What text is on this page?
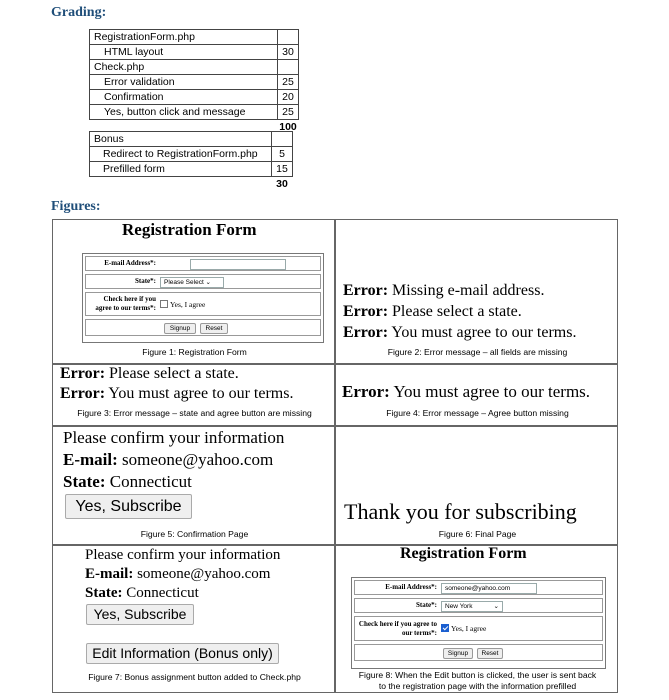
Grading:
RegistrationForm.php	
HTML layout	30
Check.php	
Error validation	25
Confirmation	20
Yes, button click and message	25
	100
Bonus	
Redirect to RegistrationForm.php	5
Prefilled form	15
	30
Figures:
Registration Form
E-mail Address*:
State*:	Please Select ⌄
Check here if you agree to our terms*:	Yes, I agree
Signup	Reset
Figure 1: Registration Form
Error: Missing e-mail address.
Error: Please select a state.
Error: You must agree to our terms.
Figure 2: Error message – all fields are missing
Error: Please select a state.
Error: You must agree to our terms.
Figure 3: Error message – state and agree button are missing
Error: You must agree to our terms.
Figure 4: Error message – Agree button missing
Please confirm your information
E-mail: someone@yahoo.com
State: Connecticut
Yes, Subscribe
Figure 5: Confirmation Page
Thank you for subscribing
Figure 6: Final Page
Please confirm your information
E-mail: someone@yahoo.com
State: Connecticut
Yes, Subscribe
Edit Information (Bonus only)
Figure 7: Bonus assignment button added to Check.php
Registration Form
E-mail Address*:	someone@yahoo.com
State*:	New York	⌄
Check here if you agree to our terms*:	Yes, I agree
Signup	Reset
Figure 8: When the Edit button is clicked, the user is sent back
to the registration page with the information prefilled
